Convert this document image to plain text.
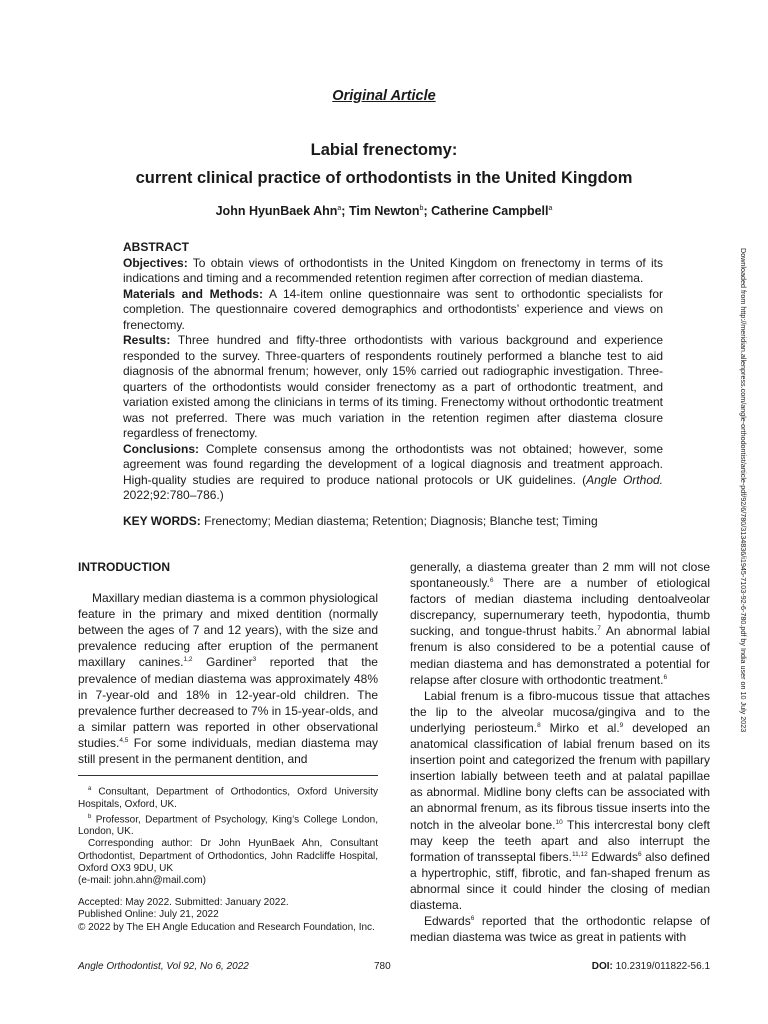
Original Article
Labial frenectomy:
current clinical practice of orthodontists in the United Kingdom
John HyunBaek Ahn$^a$; Tim Newton$^b$; Catherine Campbell$^a$

ABSTRACT

Objectives: To obtain views of orthodontists in the United Kingdom on frenectomy in terms of its indications and timing and a recommended retention regimen after correction of median diastema.

Materials and Methods: A 14-item online questionnaire was sent to orthodontic specialists for completion. The questionnaire covered demographics and orthodontists’ experience and views on frenectomy.

Results: Three hundred and fifty-three orthodontists with various background and experience responded to the survey. Three-quarters of respondents routinely performed a blanche test to aid diagnosis of the abnormal frenum; however, only 15% carried out radiographic investigation. Three-quarters of the orthodontists would consider frenectomy as a part of orthodontic treatment, and variation existed among the clinicians in terms of its timing. Frenectomy without orthodontic treatment was not preferred. There was much variation in the retention regimen after diastema closure regardless of frenectomy.

Conclusions: Complete consensus among the orthodontists was not obtained; however, some agreement was found regarding the development of a logical diagnosis and treatment approach. High-quality studies are required to produce national protocols or UK guidelines. (Angle Orthod. 2022;92:780–786.)

KEY WORDS: Frenectomy; Median diastema; Retention; Diagnosis; Blanche test; Timing

INTRODUCTION

Maxillary median diastema is a common physiological feature in the primary and mixed dentition (normally between the ages of 7 and 12 years), with the size and prevalence reducing after eruption of the permanent maxillary canines.$^{1,2}$ Gardiner$^3$ reported that the prevalence of median diastema was approximately 48% in 7-year-old and 18% in 12-year-old children. The prevalence further decreased to 7% in 15-year-olds, and a similar pattern was reported in other observational studies.$^{4,5}$ For some individuals, median diastema may still present in the permanent dentition, and

$^a$ Consultant, Department of Orthodontics, Oxford University Hospitals, Oxford, UK.

$^b$ Professor, Department of Psychology, King’s College London, London, UK.

Corresponding author: Dr John HyunBaek Ahn, Consultant Orthodontist, Department of Orthodontics, John Radcliffe Hospital, Oxford OX3 9DU, UK

(e-mail: john.ahn@mail.com)

Accepted: May 2022. Submitted: January 2022.

Published Online: July 21, 2022

© 2022 by The EH Angle Education and Research Foundation, Inc.

generally, a diastema greater than 2 mm will not close spontaneously.$^6$ There are a number of etiological factors of median diastema including dentoalveolar discrepancy, supernumerary teeth, hypodontia, thumb sucking, and tongue-thrust habits.$^7$ An abnormal labial frenum is also considered to be a potential cause of median diastema and has demonstrated a potential for relapse after closure with orthodontic treatment.$^6$

Labial frenum is a fibro-mucous tissue that attaches the lip to the alveolar mucosa/gingiva and to the underlying periosteum.$^8$ Mirko et al.$^9$ developed an anatomical classification of labial frenum based on its insertion point and categorized the frenum with papillary insertion labially between teeth and at palatal papillae as abnormal. Midline bony clefts can be associated with an abnormal frenum, as its fibrous tissue inserts into the notch in the alveolar bone.$^{10}$ This intercrestal bony cleft may keep the teeth apart and also interrupt the formation of transseptal fibers.$^{11,12}$ Edwards$^6$ also defined a hypertrophic, stiff, fibrotic, and fan-shaped frenum as abnormal since it could hinder the closing of median diastema.

Edwards$^6$ reported that the orthodontic relapse of median diastema was twice as great in patients with

Angle Orthodontist, Vol 92, No 6, 2022	780	DOI: 10.2319/011822-56.1
Downloaded from http://meridian.allenpress.com/angle-orthodontist/article-pdf/92/6/780/3134836/i1945-7103-92-6-780.pdf by India user on 10 July 2023
